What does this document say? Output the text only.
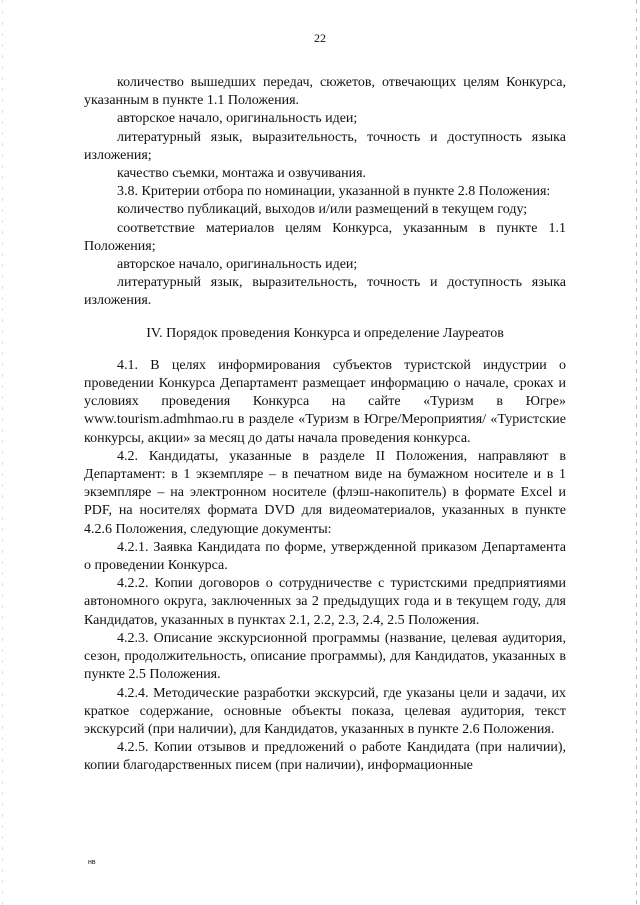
22

количество вышедших передач, сюжетов, отвечающих целям Конкурса, указанным в пункте 1.1 Положения.

авторское начало, оригинальность идеи;

литературный язык, выразительность, точность и доступность языка изложения;

качество съемки, монтажа и озвучивания.

3.8. Критерии отбора по номинации, указанной в пункте 2.8 Положения:

количество публикаций, выходов и/или размещений в текущем году;

соответствие материалов целям Конкурса, указанным в пункте 1.1 Положения;

авторское начало, оригинальность идеи;

литературный язык, выразительность, точность и доступность языка изложения.

IV. Порядок проведения Конкурса и определение Лауреатов

4.1. В целях информирования субъектов туристской индустрии о проведении Конкурса Департамент размещает информацию о начале, сроках и условиях проведения Конкурса на сайте «Туризм в Югре» www.tourism.admhmao.ru в разделе «Туризм в Югре/Мероприятия/ «Туристские конкурсы, акции» за месяц до даты начала проведения конкурса.

4.2. Кандидаты, указанные в разделе II Положения, направляют в Департамент: в 1 экземпляре – в печатном виде на бумажном носителе и в 1 экземпляре – на электронном носителе (флэш-накопитель) в формате Excel и PDF, на носителях формата DVD для видеоматериалов, указанных в пункте 4.2.6 Положения, следующие документы:

4.2.1. Заявка Кандидата по форме, утвержденной приказом Департамента о проведении Конкурса.

4.2.2. Копии договоров о сотрудничестве с туристскими предприятиями автономного округа, заключенных за 2 предыдущих года и в текущем году, для Кандидатов, указанных в пунктах 2.1, 2.2, 2.3, 2.4, 2.5 Положения.

4.2.3. Описание экскурсионной программы (название, целевая аудитория, сезон, продолжительность, описание программы), для Кандидатов, указанных в пункте 2.5 Положения.

4.2.4. Методические разработки экскурсий, где указаны цели и задачи, их краткое содержание, основные объекты показа, целевая аудитория, текст экскурсий (при наличии), для Кандидатов, указанных в пункте 2.6 Положения.

4.2.5. Копии отзывов и предложений о работе Кандидата (при наличии), копии благодарственных писем (при наличии), информационные

нв
